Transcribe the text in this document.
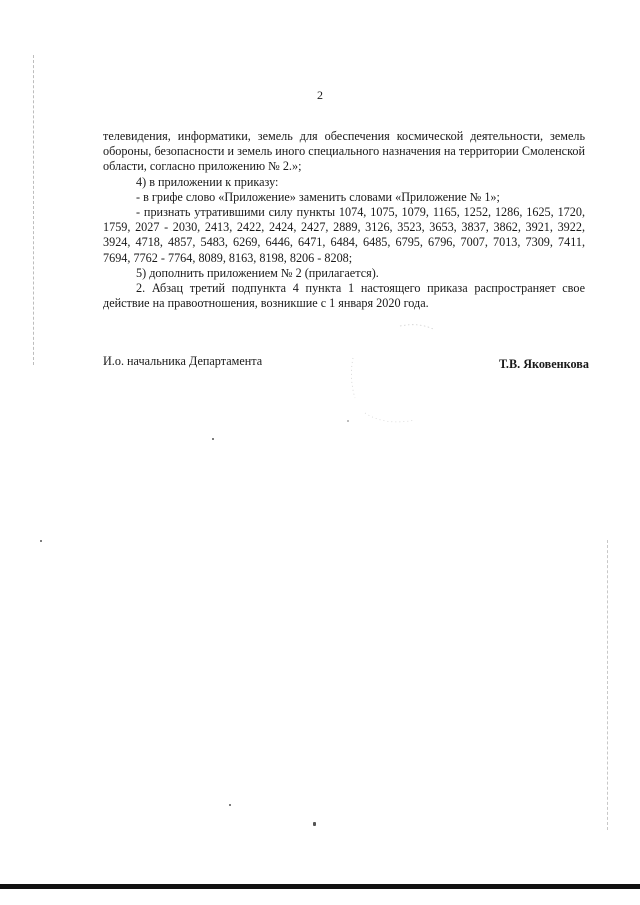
2

телевидения, информатики, земель для обеспечения космической деятельности, земель обороны, безопасности и земель иного специального назначения на территории Смоленской области, согласно приложению № 2.»;

4) в приложении к приказу:

- в грифе слово «Приложение» заменить словами «Приложение № 1»;

- признать утратившими силу пункты 1074, 1075, 1079, 1165, 1252, 1286, 1625, 1720, 1759, 2027 - 2030, 2413, 2422, 2424, 2427, 2889, 3126, 3523, 3653, 3837, 3862, 3921, 3922, 3924, 4718, 4857, 5483, 6269, 6446, 6471, 6484, 6485, 6795, 6796, 7007, 7013, 7309, 7411, 7694, 7762 - 7764, 8089, 8163, 8198, 8206 - 8208;

5) дополнить приложением № 2 (прилагается).

2. Абзац третий подпункта 4 пункта 1 настоящего приказа распространяет свое действие на правоотношения, возникшие с 1 января 2020 года.

И.о. начальника Департамента	Т.В. Яковенкова
